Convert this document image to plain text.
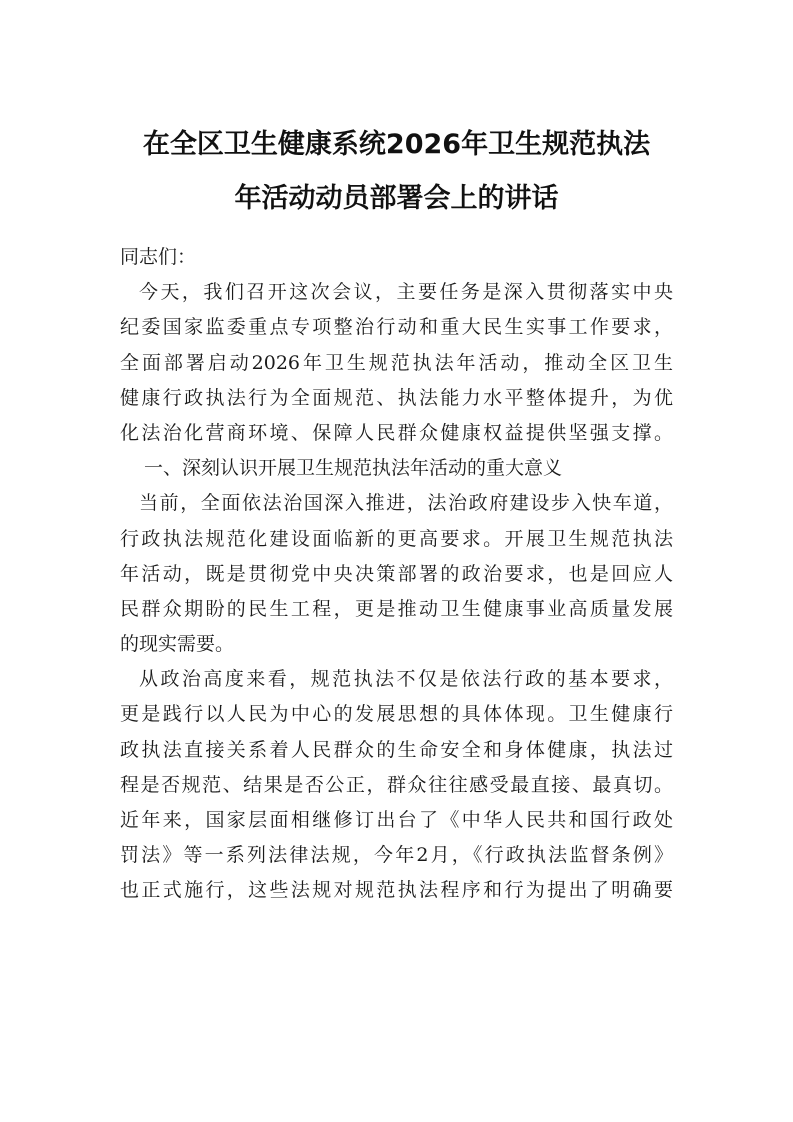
在全区卫生健康系统2026年卫生规范执法
年活动动员部署会上的讲话
同志们：
今天，我们召开这次会议，主要任务是深入贯彻落实中央
纪委国家监委重点专项整治行动和重大民生实事工作要求，
全面部署启动2026年卫生规范执法年活动，推动全区卫生
健康行政执法行为全面规范、执法能力水平整体提升，为优
化法治化营商环境、保障人民群众健康权益提供坚强支撑。
一、深刻认识开展卫生规范执法年活动的重大意义
当前，全面依法治国深入推进，法治政府建设步入快车道，
行政执法规范化建设面临新的更高要求。开展卫生规范执法
年活动，既是贯彻党中央决策部署的政治要求，也是回应人
民群众期盼的民生工程，更是推动卫生健康事业高质量发展
的现实需要。
从政治高度来看，规范执法不仅是依法行政的基本要求，
更是践行以人民为中心的发展思想的具体体现。卫生健康行
政执法直接关系着人民群众的生命安全和身体健康，执法过
程是否规范、结果是否公正，群众往往感受最直接、最真切。
近年来，国家层面相继修订出台了《中华人民共和国行政处
罚法》等一系列法律法规，今年2月，《行政执法监督条例》
也正式施行，这些法规对规范执法程序和行为提出了明确要
